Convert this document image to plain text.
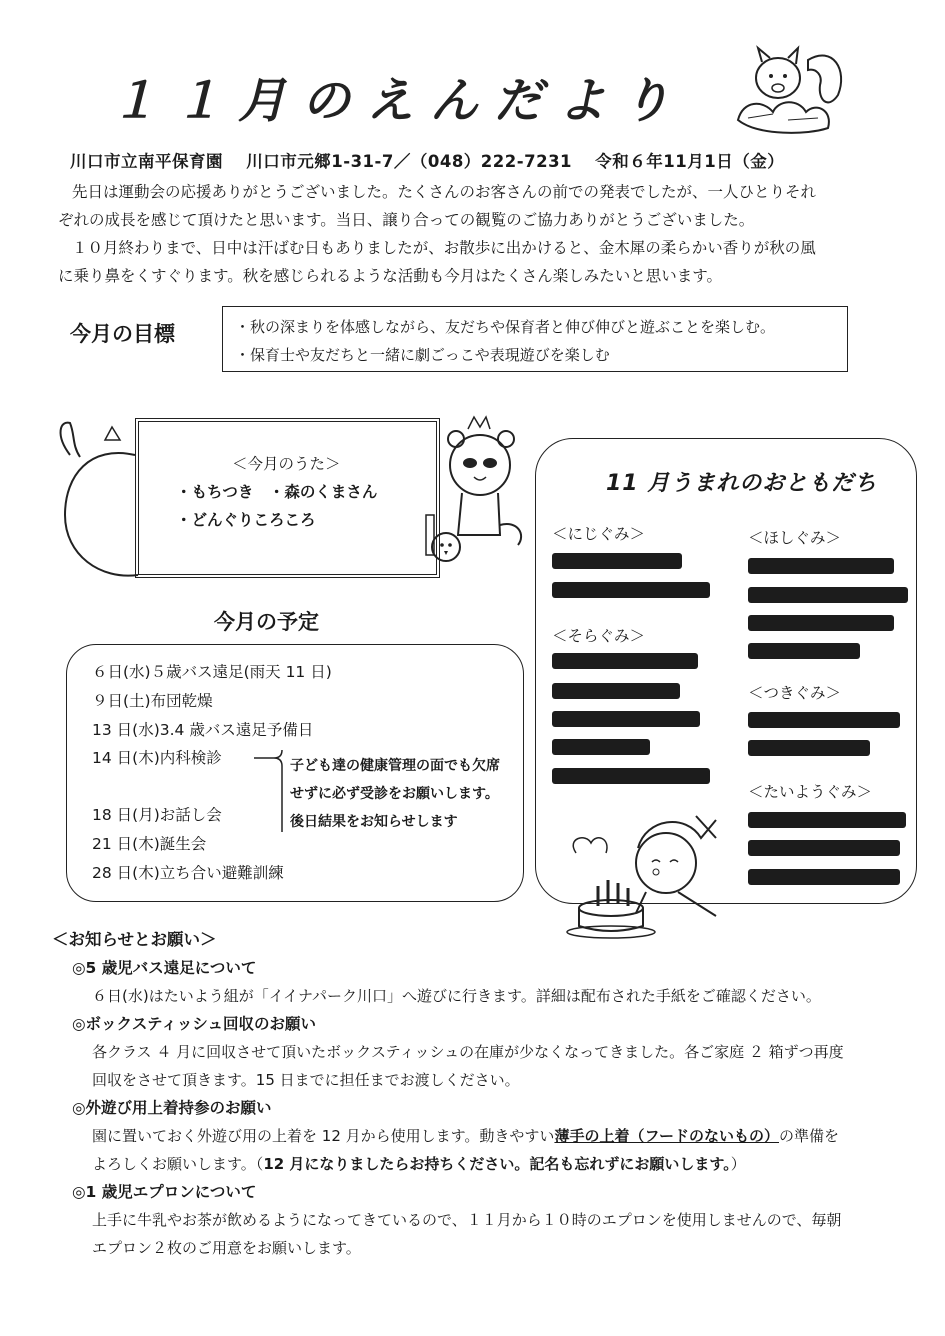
１１月のえんだより
川口市立南平保育園　 川口市元郷1-31-7／（048）222-7231　 令和６年11月1日（金）
先日は運動会の応援ありがとうございました。たくさんのお客さんの前での発表でしたが、一人ひとりそれ
ぞれの成長を感じて頂けたと思います。当日、譲り合っての観覧のご協力ありがとうございました。
１０月終わりまで、日中は汗ばむ日もありましたが、お散歩に出かけると、金木犀の柔らかい香りが秋の風
に乗り鼻をくすぐります。秋を感じられるような活動も今月はたくさん楽しみたいと思います。
今月の目標	・秋の深まりを体感しながら、友だちや保育者と伸び伸びと遊ぶことを楽しむ。
・保育士や友だちと一緒に劇ごっこや表現遊びを楽しむ
＜今月のうた＞
・もちつき　・森のくまさん
・どんぐりころころ
今月の予定
６日(水)５歳バス遠足(雨天 11 日)
９日(土)布団乾燥
13 日(水)3.4 歳バス遠足予備日
14 日(木)内科検診
18 日(月)お話し会
21 日(木)誕生会
28 日(木)立ち合い避難訓練
子ども達の健康管理の面でも欠席
せずに必ず受診をお願いします。
後日結果をお知らせします
11 月うまれのおともだち
＜にじぐみ＞
＜そらぐみ＞
＜ほしぐみ＞
＜つきぐみ＞
＜たいようぐみ＞
＜お知らせとお願い＞
◎5 歳児バス遠足について
６日(水)はたいよう組が「イイナパーク川口」へ遊びに行きます。詳細は配布された手紙をご確認ください。
◎ボックスティッシュ回収のお願い
各クラス ４ 月に回収させて頂いたボックスティッシュの在庫が少なくなってきました。各ご家庭 ２ 箱ずつ再度
回収をさせて頂きます。15 日までに担任までお渡しください。
◎外遊び用上着持参のお願い
園に置いておく外遊び用の上着を 12 月から使用します。動きやすい薄手の上着（フードのないもの）の準備を
よろしくお願いします。（12 月になりましたらお持ちください。記名も忘れずにお願いします。）
◎1 歳児エプロンについて
上手に牛乳やお茶が飲めるようになってきているので、１１月から１０時のエプロンを使用しませんので、毎朝
エプロン２枚のご用意をお願いします。
